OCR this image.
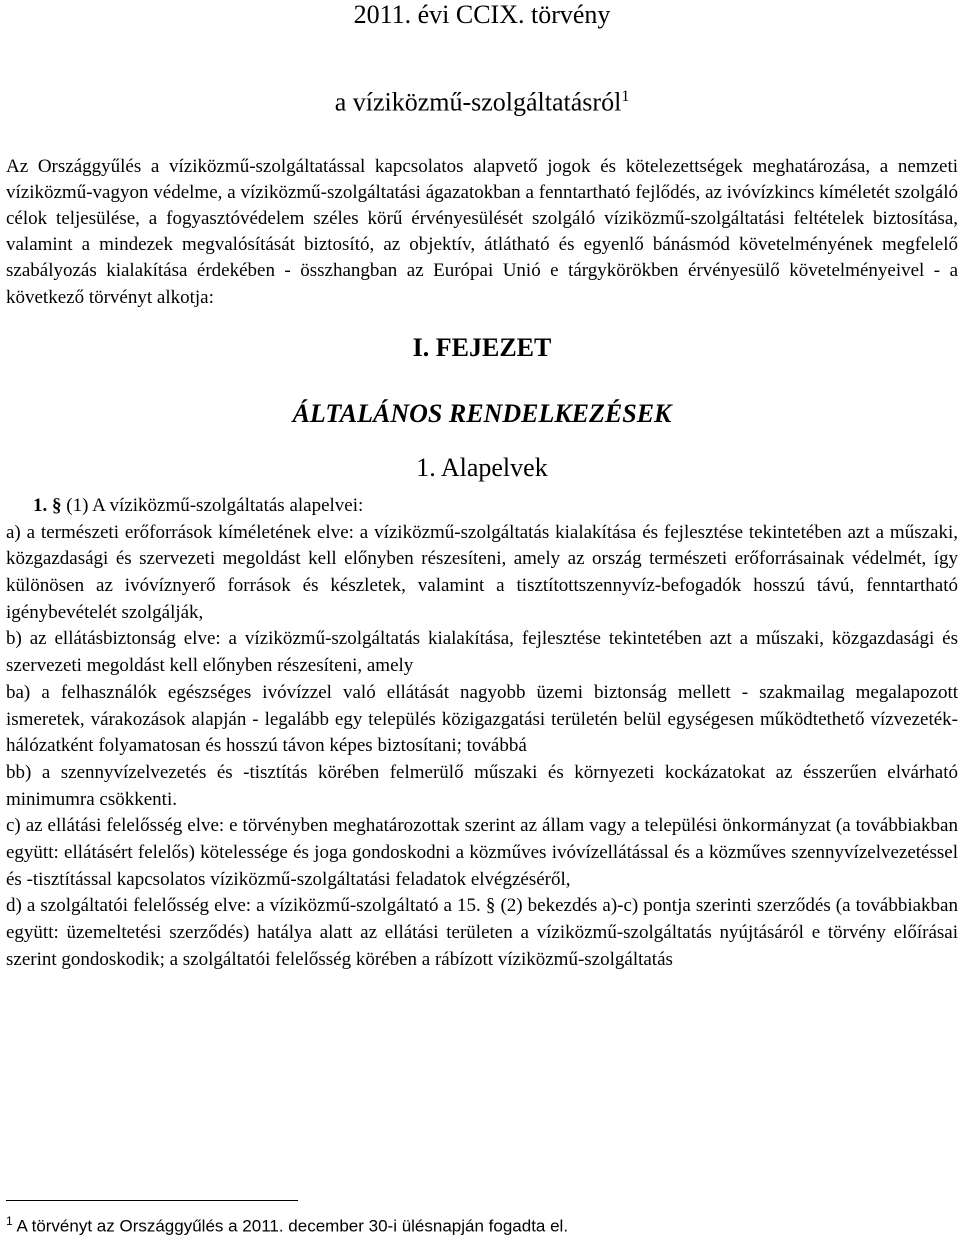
2011. évi CCIX. törvény
a víziközmű-szolgáltatásról$^1$
Az Országgyűlés a víziközmű-szolgáltatással kapcsolatos alapvető jogok és kötelezettségek meghatározása, a nemzeti víziközmű-vagyon védelme, a víziközmű-szolgáltatási ágazatokban a fenntartható fejlődés, az ivóvízkincs kíméletét szolgáló célok teljesülése, a fogyasztóvédelem széles körű érvényesülését szolgáló víziközmű-szolgáltatási feltételek biztosítása, valamint a mindezek megvalósítását biztosító, az objektív, átlátható és egyenlő bánásmód követelményének megfelelő szabályozás kialakítása érdekében - összhangban az Európai Unió e tárgykörökben érvényesülő követelményeivel - a következő törvényt alkotja:
I. FEJEZET
ÁLTALÁNOS RENDELKEZÉSEK
1. Alapelvek

1. § (1) A víziközmű-szolgáltatás alapelvei:

a) a természeti erőforrások kíméletének elve: a víziközmű-szolgáltatás kialakítása és fejlesztése tekintetében azt a műszaki, közgazdasági és szervezeti megoldást kell előnyben részesíteni, amely az ország természeti erőforrásainak védelmét, így különösen az ivóvíznyerő források és készletek, valamint a tisztítottszennyvíz-befogadók hosszú távú, fenntartható igénybevételét szolgálják,

b) az ellátásbiztonság elve: a víziközmű-szolgáltatás kialakítása, fejlesztése tekintetében azt a műszaki, közgazdasági és szervezeti megoldást kell előnyben részesíteni, amely

ba) a felhasználók egészséges ivóvízzel való ellátását nagyobb üzemi biztonság mellett - szakmailag megalapozott ismeretek, várakozások alapján - legalább egy település közigazgatási területén belül egységesen működtethető vízvezeték-hálózatként folyamatosan és hosszú távon képes biztosítani; továbbá

bb) a szennyvízelvezetés és -tisztítás körében felmerülő műszaki és környezeti kockázatokat az ésszerűen elvárható minimumra csökkenti.

c) az ellátási felelősség elve: e törvényben meghatározottak szerint az állam vagy a települési önkormányzat (a továbbiakban együtt: ellátásért felelős) kötelessége és joga gondoskodni a közműves ivóvízellátással és a közműves szennyvízelvezetéssel és -tisztítással kapcsolatos víziközmű-szolgáltatási feladatok elvégzéséről,

d) a szolgáltatói felelősség elve: a víziközmű-szolgáltató a 15. § (2) bekezdés a)-c) pontja szerinti szerződés (a továbbiakban együtt: üzemeltetési szerződés) hatálya alatt az ellátási területen a víziközmű-szolgáltatás nyújtásáról e törvény előírásai szerint gondoskodik; a szolgáltatói felelősség körében a rábízott víziközmű-szolgáltatás

$^1$ A törvényt az Országgyűlés a 2011. december 30-i ülésnapján fogadta el.
